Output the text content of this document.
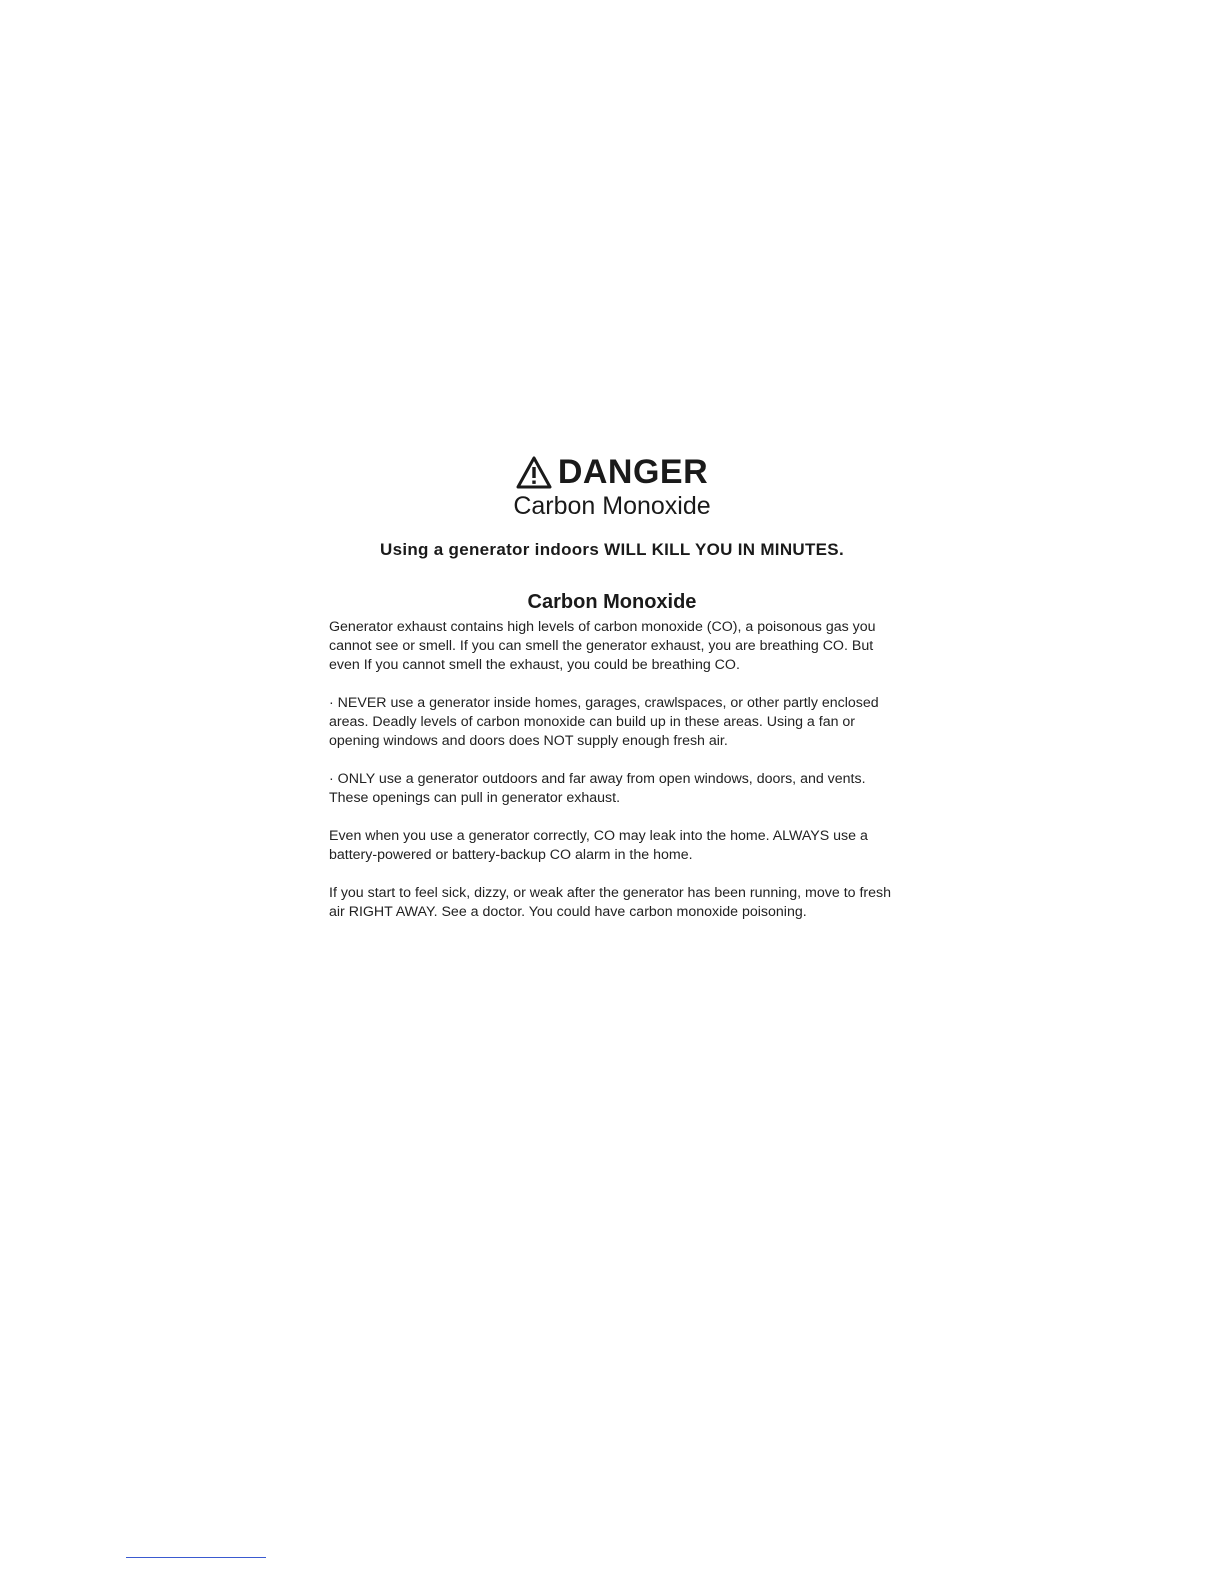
DANGER
Carbon Monoxide
Using a generator indoors WILL KILL YOU IN MINUTES.
Carbon Monoxide

Generator exhaust contains high levels of carbon monoxide (CO), a poisonous gas you cannot see or smell. If you can smell the generator exhaust, you are breathing CO. But even If you cannot smell the exhaust, you could be breathing CO.

· NEVER use a generator inside homes, garages, crawlspaces, or other partly enclosed areas. Deadly levels of carbon monoxide can build up in these areas. Using a fan or opening windows and doors does NOT supply enough fresh air.

· ONLY use a generator outdoors and far away from open windows, doors, and vents. These openings can pull in generator exhaust.

Even when you use a generator correctly, CO may leak into the home. ALWAYS use a battery-powered or battery-backup CO alarm in the home.

If you start to feel sick, dizzy, or weak after the generator has been running, move to fresh air RIGHT AWAY. See a doctor. You could have carbon monoxide poisoning.
